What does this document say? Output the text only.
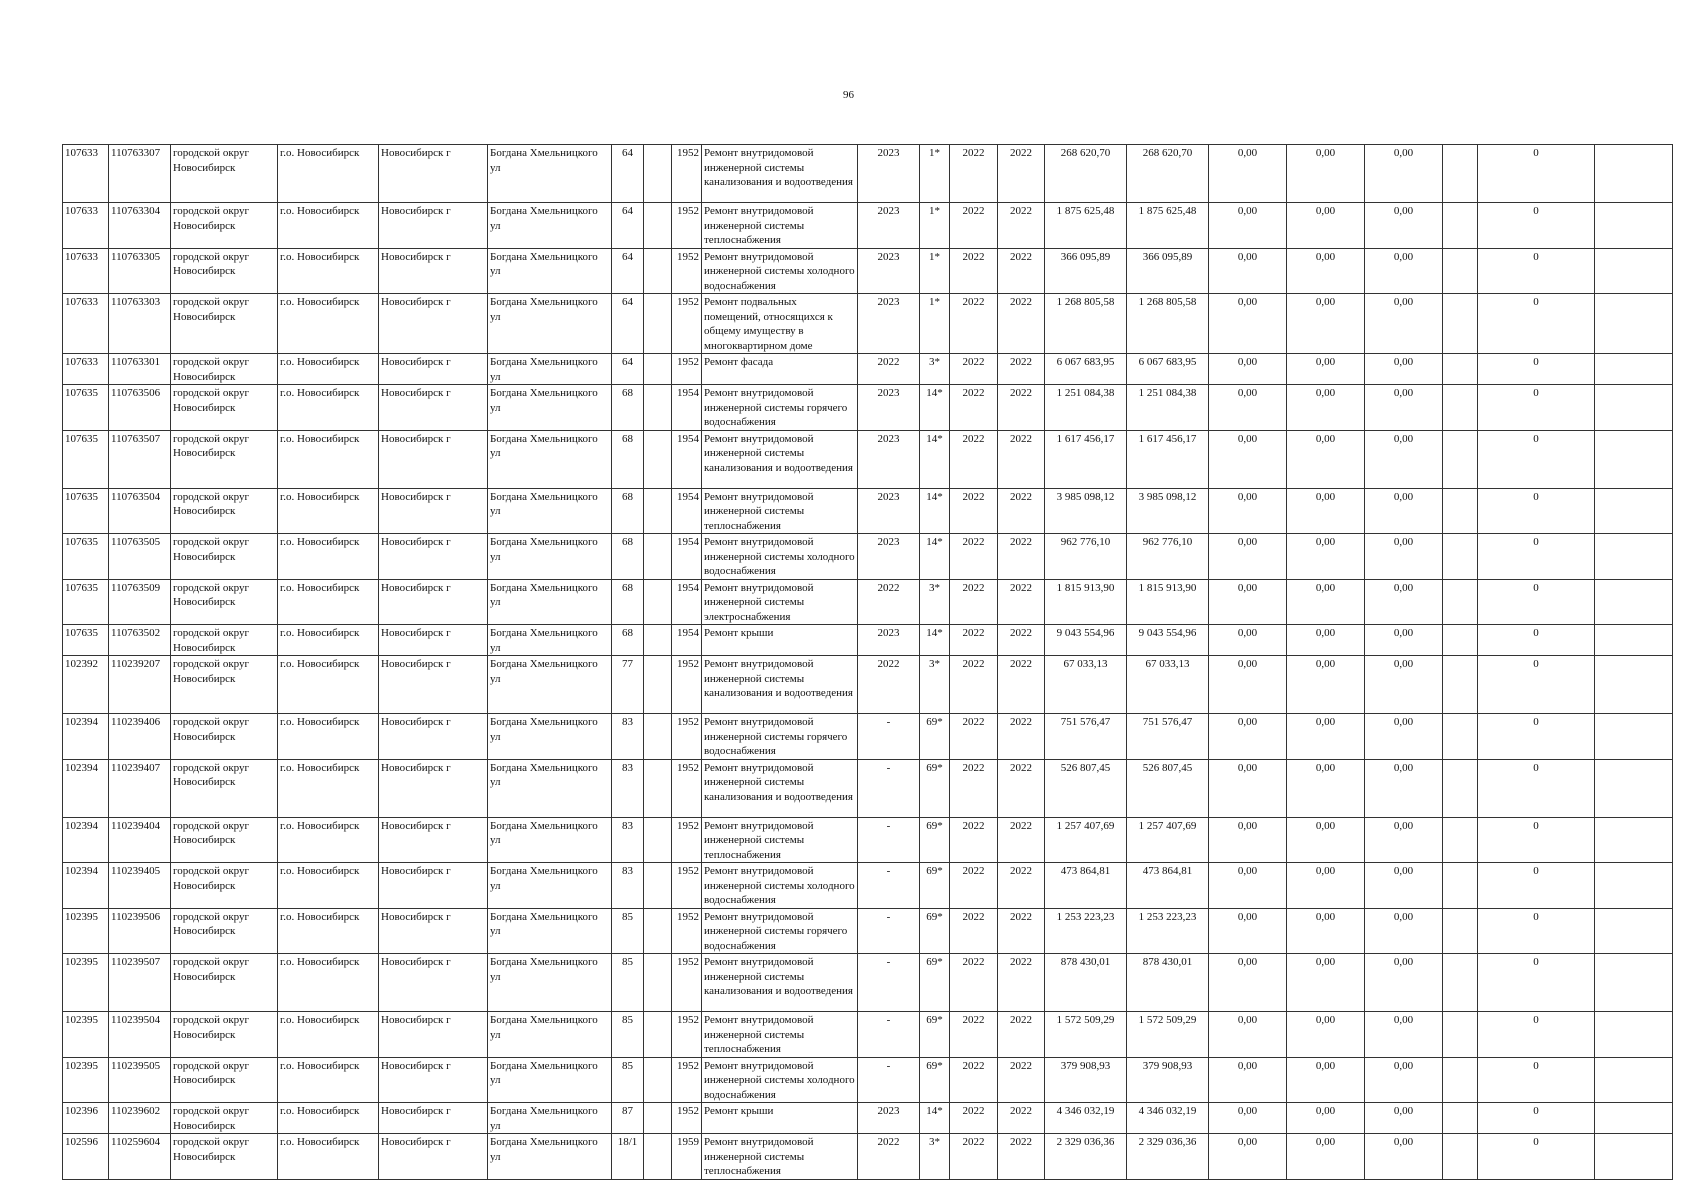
96
107633	110763307	городской округ Новосибирск	г.о. Новосибирск	Новосибирск г	Богдана Хмельницкого ул	64		1952	Ремонт внутридомовой инженерной системы канализования и водоотведения	2023	1*	2022	2022	268 620,70	268 620,70	0,00	0,00	0,00		0	
107633	110763304	городской округ Новосибирск	г.о. Новосибирск	Новосибирск г	Богдана Хмельницкого ул	64		1952	Ремонт внутридомовой инженерной системы теплоснабжения	2023	1*	2022	2022	1 875 625,48	1 875 625,48	0,00	0,00	0,00		0	
107633	110763305	городской округ Новосибирск	г.о. Новосибирск	Новосибирск г	Богдана Хмельницкого ул	64		1952	Ремонт внутридомовой инженерной системы холодного водоснабжения	2023	1*	2022	2022	366 095,89	366 095,89	0,00	0,00	0,00		0	
107633	110763303	городской округ Новосибирск	г.о. Новосибирск	Новосибирск г	Богдана Хмельницкого ул	64		1952	Ремонт подвальных помещений, относящихся к общему имуществу в многоквартирном доме	2023	1*	2022	2022	1 268 805,58	1 268 805,58	0,00	0,00	0,00		0	
107633	110763301	городской округ Новосибирск	г.о. Новосибирск	Новосибирск г	Богдана Хмельницкого ул	64		1952	Ремонт фасада	2022	3*	2022	2022	6 067 683,95	6 067 683,95	0,00	0,00	0,00		0	
107635	110763506	городской округ Новосибирск	г.о. Новосибирск	Новосибирск г	Богдана Хмельницкого ул	68		1954	Ремонт внутридомовой инженерной системы горячего водоснабжения	2023	14*	2022	2022	1 251 084,38	1 251 084,38	0,00	0,00	0,00		0	
107635	110763507	городской округ Новосибирск	г.о. Новосибирск	Новосибирск г	Богдана Хмельницкого ул	68		1954	Ремонт внутридомовой инженерной системы канализования и водоотведения	2023	14*	2022	2022	1 617 456,17	1 617 456,17	0,00	0,00	0,00		0	
107635	110763504	городской округ Новосибирск	г.о. Новосибирск	Новосибирск г	Богдана Хмельницкого ул	68		1954	Ремонт внутридомовой инженерной системы теплоснабжения	2023	14*	2022	2022	3 985 098,12	3 985 098,12	0,00	0,00	0,00		0	
107635	110763505	городской округ Новосибирск	г.о. Новосибирск	Новосибирск г	Богдана Хмельницкого ул	68		1954	Ремонт внутридомовой инженерной системы холодного водоснабжения	2023	14*	2022	2022	962 776,10	962 776,10	0,00	0,00	0,00		0	
107635	110763509	городской округ Новосибирск	г.о. Новосибирск	Новосибирск г	Богдана Хмельницкого ул	68		1954	Ремонт внутридомовой инженерной системы электроснабжения	2022	3*	2022	2022	1 815 913,90	1 815 913,90	0,00	0,00	0,00		0	
107635	110763502	городской округ Новосибирск	г.о. Новосибирск	Новосибирск г	Богдана Хмельницкого ул	68		1954	Ремонт крыши	2023	14*	2022	2022	9 043 554,96	9 043 554,96	0,00	0,00	0,00		0	
102392	110239207	городской округ Новосибирск	г.о. Новосибирск	Новосибирск г	Богдана Хмельницкого ул	77		1952	Ремонт внутридомовой инженерной системы канализования и водоотведения	2022	3*	2022	2022	67 033,13	67 033,13	0,00	0,00	0,00		0	
102394	110239406	городской округ Новосибирск	г.о. Новосибирск	Новосибирск г	Богдана Хмельницкого ул	83		1952	Ремонт внутридомовой инженерной системы горячего водоснабжения	-	69*	2022	2022	751 576,47	751 576,47	0,00	0,00	0,00		0	
102394	110239407	городской округ Новосибирск	г.о. Новосибирск	Новосибирск г	Богдана Хмельницкого ул	83		1952	Ремонт внутридомовой инженерной системы канализования и водоотведения	-	69*	2022	2022	526 807,45	526 807,45	0,00	0,00	0,00		0	
102394	110239404	городской округ Новосибирск	г.о. Новосибирск	Новосибирск г	Богдана Хмельницкого ул	83		1952	Ремонт внутридомовой инженерной системы теплоснабжения	-	69*	2022	2022	1 257 407,69	1 257 407,69	0,00	0,00	0,00		0	
102394	110239405	городской округ Новосибирск	г.о. Новосибирск	Новосибирск г	Богдана Хмельницкого ул	83		1952	Ремонт внутридомовой инженерной системы холодного водоснабжения	-	69*	2022	2022	473 864,81	473 864,81	0,00	0,00	0,00		0	
102395	110239506	городской округ Новосибирск	г.о. Новосибирск	Новосибирск г	Богдана Хмельницкого ул	85		1952	Ремонт внутридомовой инженерной системы горячего водоснабжения	-	69*	2022	2022	1 253 223,23	1 253 223,23	0,00	0,00	0,00		0	
102395	110239507	городской округ Новосибирск	г.о. Новосибирск	Новосибирск г	Богдана Хмельницкого ул	85		1952	Ремонт внутридомовой инженерной системы канализования и водоотведения	-	69*	2022	2022	878 430,01	878 430,01	0,00	0,00	0,00		0	
102395	110239504	городской округ Новосибирск	г.о. Новосибирск	Новосибирск г	Богдана Хмельницкого ул	85		1952	Ремонт внутридомовой инженерной системы теплоснабжения	-	69*	2022	2022	1 572 509,29	1 572 509,29	0,00	0,00	0,00		0	
102395	110239505	городской округ Новосибирск	г.о. Новосибирск	Новосибирск г	Богдана Хмельницкого ул	85		1952	Ремонт внутридомовой инженерной системы холодного водоснабжения	-	69*	2022	2022	379 908,93	379 908,93	0,00	0,00	0,00		0	
102396	110239602	городской округ Новосибирск	г.о. Новосибирск	Новосибирск г	Богдана Хмельницкого ул	87		1952	Ремонт крыши	2023	14*	2022	2022	4 346 032,19	4 346 032,19	0,00	0,00	0,00		0	
102596	110259604	городской округ Новосибирск	г.о. Новосибирск	Новосибирск г	Богдана Хмельницкого ул	18/1		1959	Ремонт внутридомовой инженерной системы теплоснабжения	2022	3*	2022	2022	2 329 036,36	2 329 036,36	0,00	0,00	0,00		0	
